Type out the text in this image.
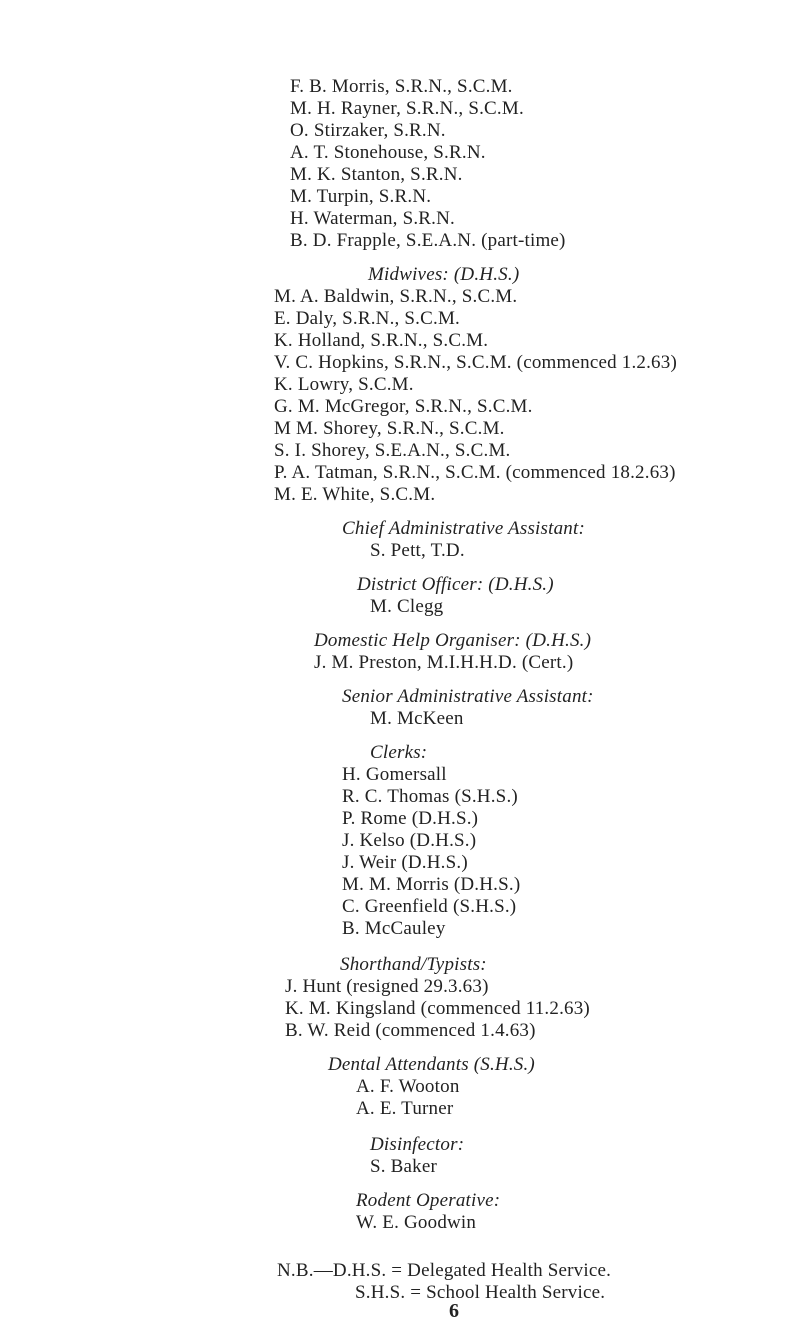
F. B. Morris, S.R.N., S.C.M.
M. H. Rayner, S.R.N., S.C.M.
O. Stirzaker, S.R.N.
A. T. Stonehouse, S.R.N.
M. K. Stanton, S.R.N.
M. Turpin, S.R.N.
H. Waterman, S.R.N.
B. D. Frapple, S.E.A.N. (part-time)
Midwives: (D.H.S.)
M. A. Baldwin, S.R.N., S.C.M.
E. Daly, S.R.N., S.C.M.
K. Holland, S.R.N., S.C.M.
V. C. Hopkins, S.R.N., S.C.M. (commenced 1.2.63)
K. Lowry, S.C.M.
G. M. McGregor, S.R.N., S.C.M.
M M. Shorey, S.R.N., S.C.M.
S. I. Shorey, S.E.A.N., S.C.M.
P. A. Tatman, S.R.N., S.C.M. (commenced 18.2.63)
M. E. White, S.C.M.
Chief Administrative Assistant:
S. Pett, T.D.
District Officer: (D.H.S.)
M. Clegg
Domestic Help Organiser: (D.H.S.)
J. M. Preston, M.I.H.H.D. (Cert.)
Senior Administrative Assistant:
M. McKeen
Clerks:
H. Gomersall
R. C. Thomas (S.H.S.)
P. Rome (D.H.S.)
J. Kelso (D.H.S.)
J. Weir (D.H.S.)
M. M. Morris (D.H.S.)
C. Greenfield (S.H.S.)
B. McCauley
Shorthand/Typists:
J. Hunt (resigned 29.3.63)
K. M. Kingsland (commenced 11.2.63)
B. W. Reid (commenced 1.4.63)
Dental Attendants (S.H.S.)
A. F. Wooton
A. E. Turner
Disinfector:
S. Baker
Rodent Operative:
W. E. Goodwin
N.B.—D.H.S. = Delegated Health Service.
S.H.S. = School Health Service.
6
